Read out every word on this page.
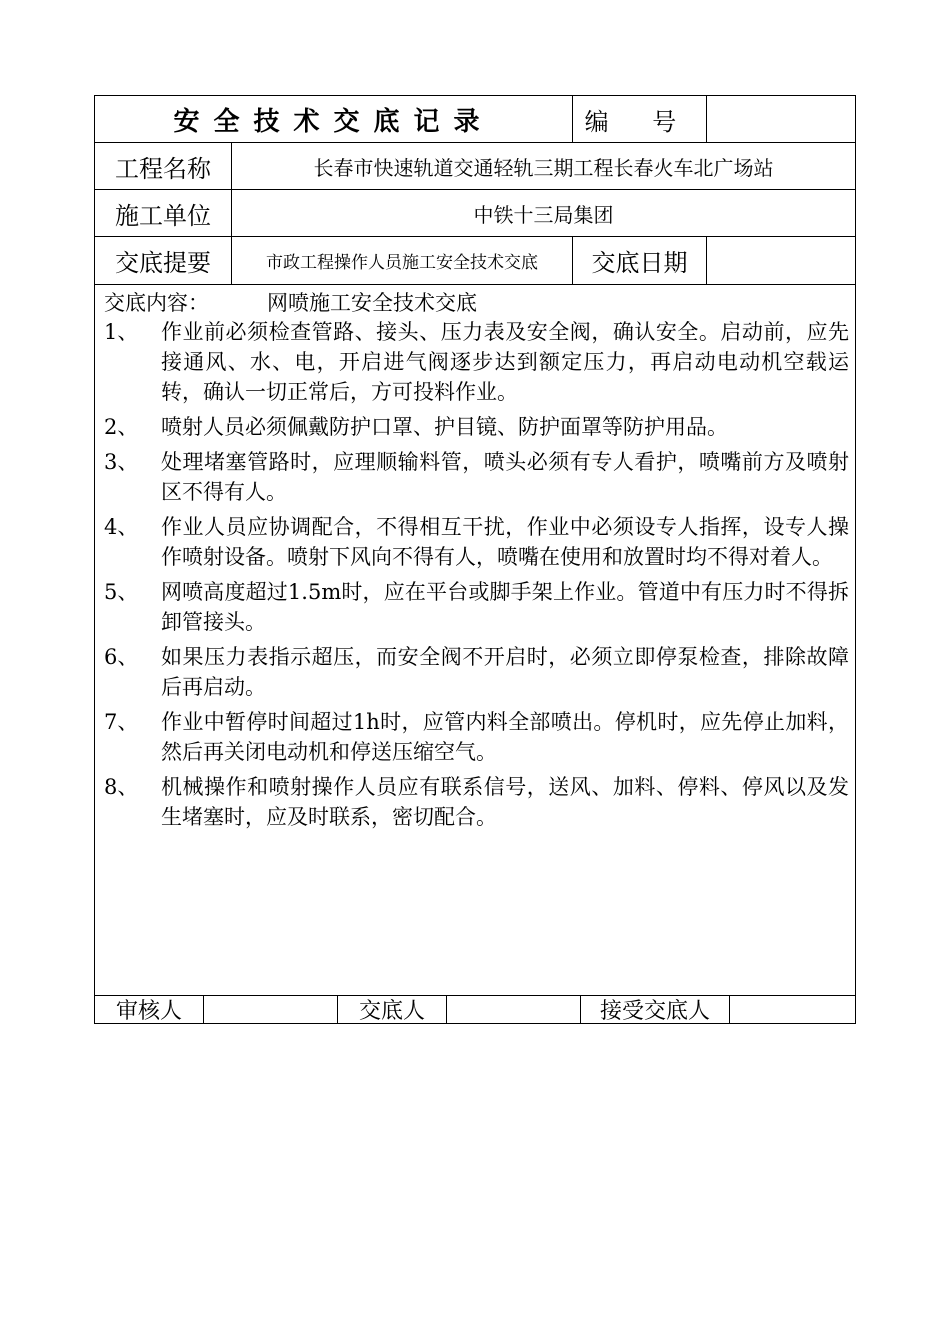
安全技术交底记录	编 号
工程名称	长春市快速轨道交通轻轨三期工程长春火车北广场站
施工单位	中铁十三局集团
交底提要	市政工程操作人员施工安全技术交底	交底日期
交底内容：	网喷施工安全技术交底
1、 作业前必须检查管路、接头、压力表及安全阀，确认安全。启动前，应先接通风、水、电，开启进气阀逐步达到额定压力，再启动电动机空载运转，确认一切正常后，方可投料作业。
2、 喷射人员必须佩戴防护口罩、护目镜、防护面罩等防护用品。
3、 处理堵塞管路时，应理顺输料管，喷头必须有专人看护，喷嘴前方及喷射区不得有人。
4、 作业人员应协调配合，不得相互干扰，作业中必须设专人指挥，设专人操作喷射设备。喷射下风向不得有人，喷嘴在使用和放置时均不得对着人。
5、 网喷高度超过1.5m时，应在平台或脚手架上作业。管道中有压力时不得拆卸管接头。
6、 如果压力表指示超压，而安全阀不开启时，必须立即停泵检查，排除故障后再启动。
7、 作业中暂停时间超过1h时，应管内料全部喷出。停机时，应先停止加料，然后再关闭电动机和停送压缩空气。
8、 机械操作和喷射操作人员应有联系信号，送风、加料、停料、停风以及发生堵塞时，应及时联系，密切配合。
审核人	交底人	接受交底人
